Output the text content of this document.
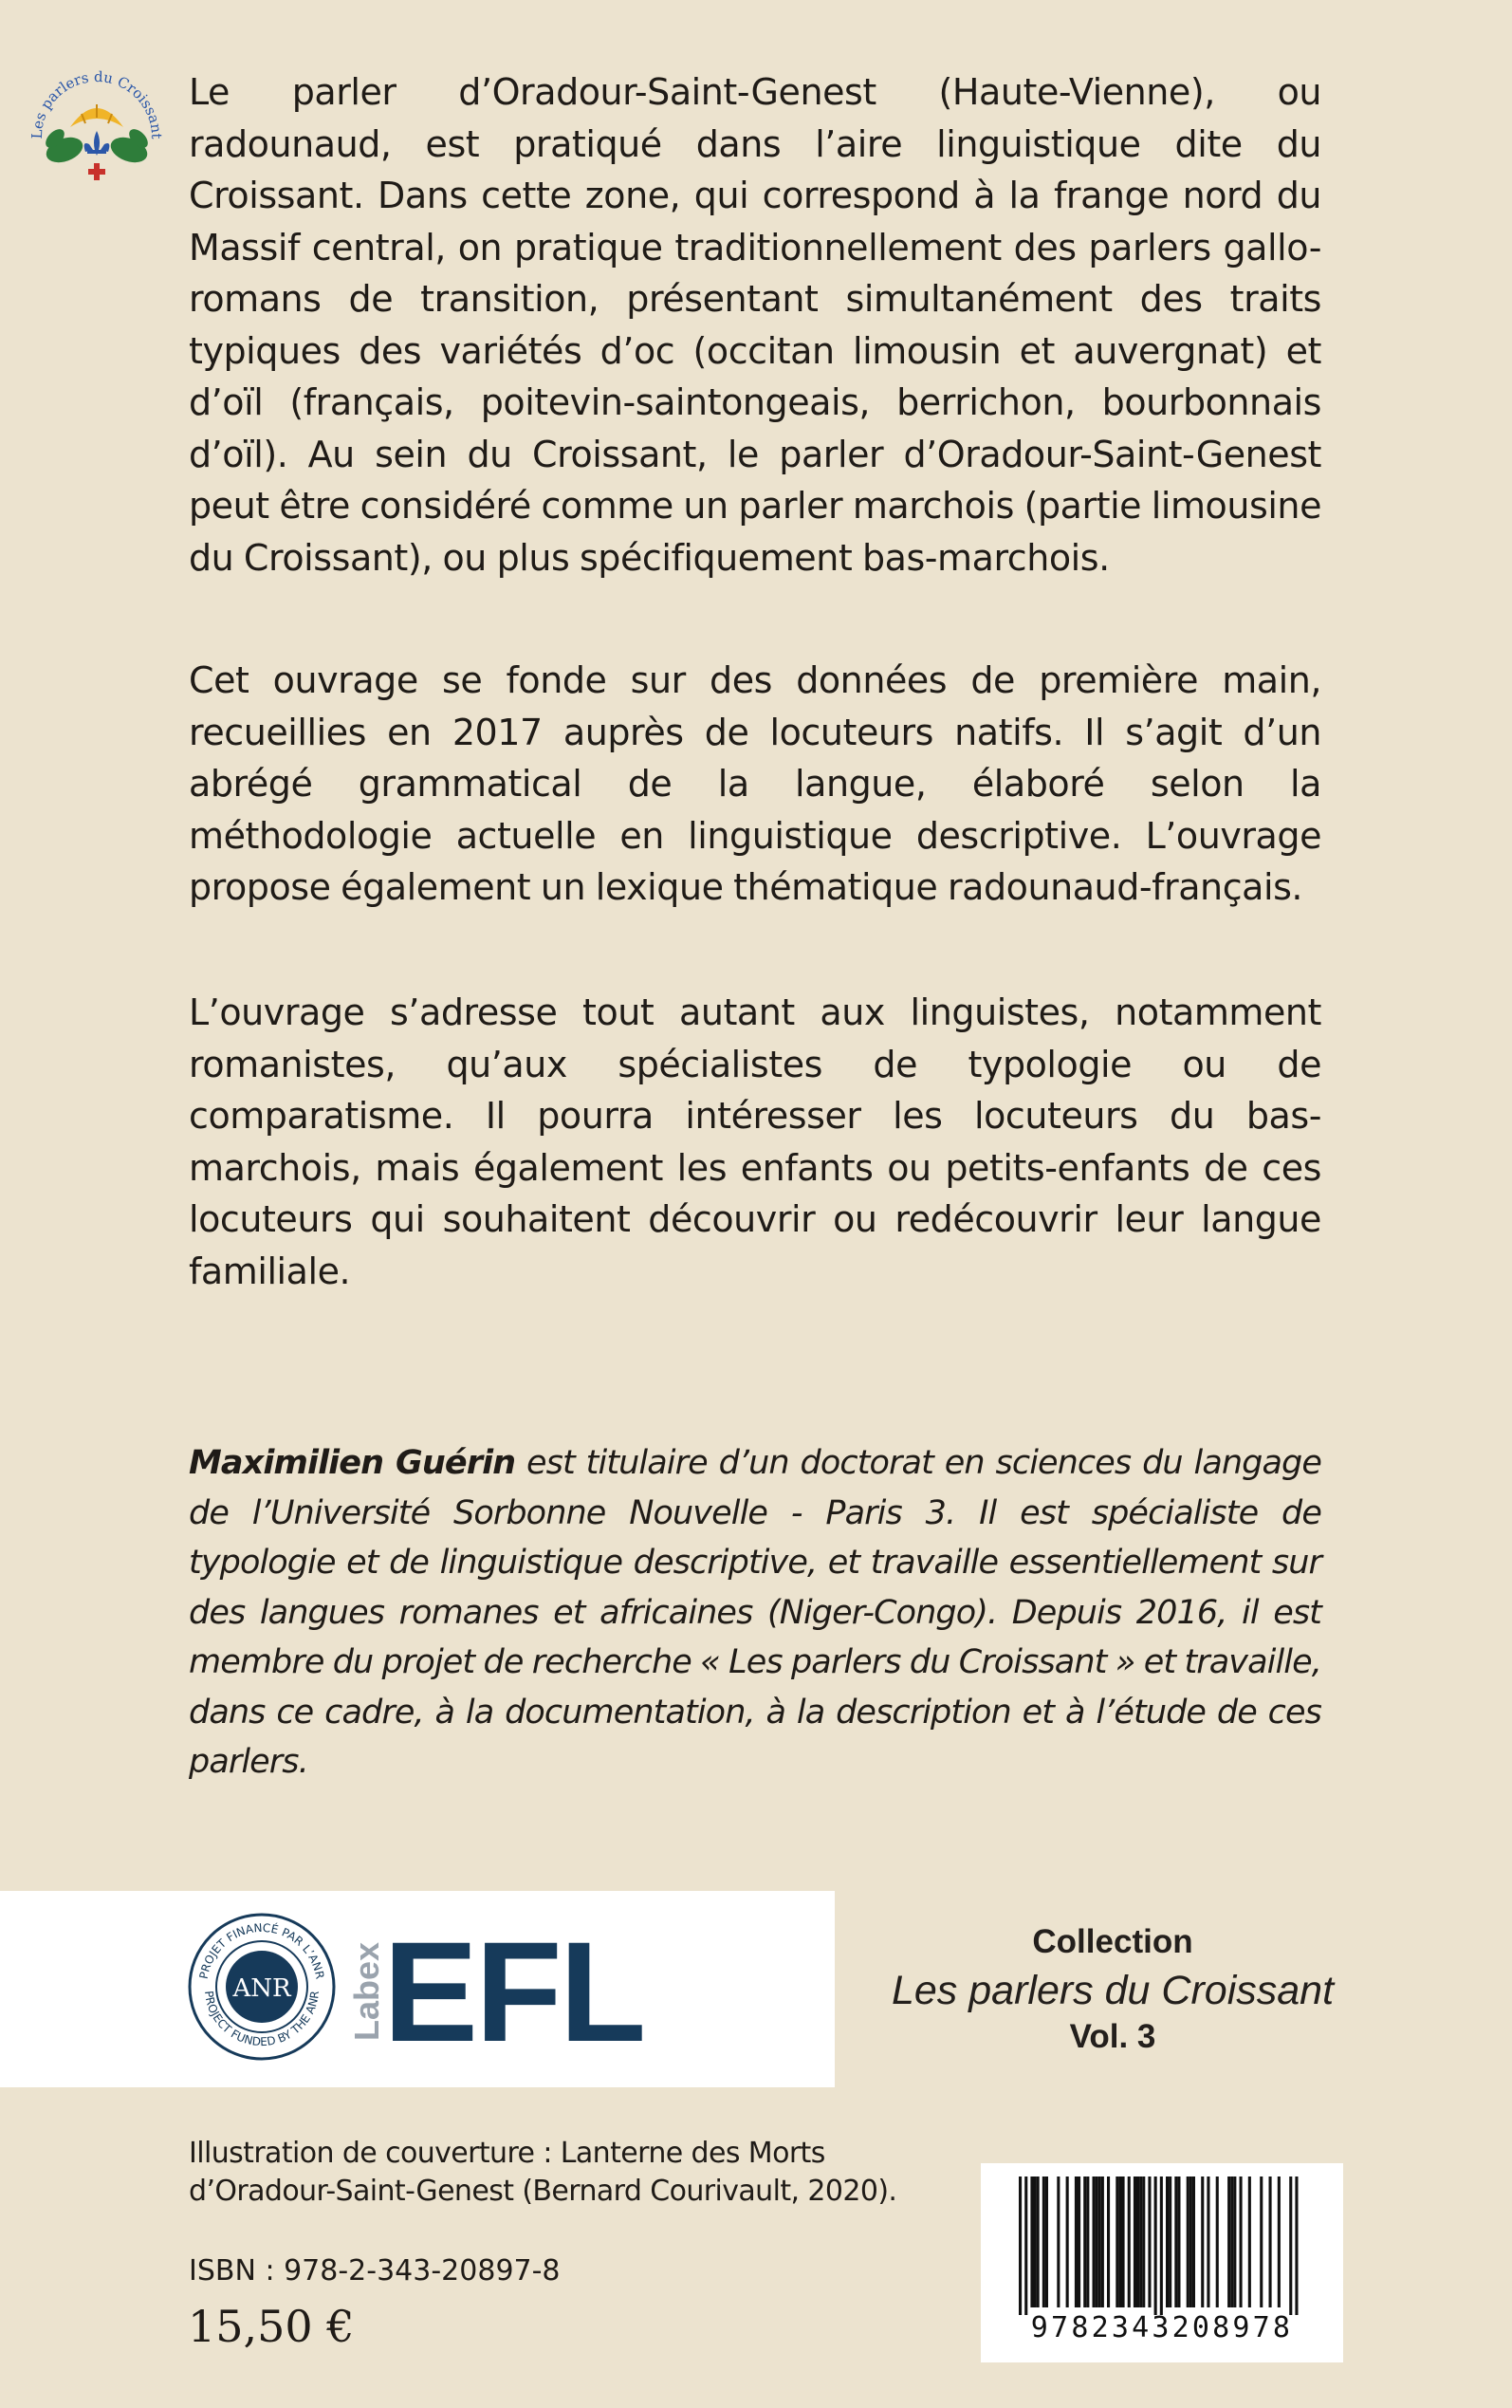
Les parlers du Croissant

Le parler d’Oradour-Saint-Genest (Haute-Vienne), ou radounaud, est pratiqué dans l’aire linguistique dite du Croissant. Dans cette zone, qui correspond à la frange nord du Massif central, on pratique traditionnellement des parlers gallo-romans de transition, présentant simultanément des traits typiques des variétés d’oc (occitan limousin et auvergnat) et d’oïl (français, poitevin-saintongeais, berrichon, bourbonnais d’oïl). Au sein du Croissant, le parler d’Oradour-Saint-Genest peut être considéré comme un parler marchois (partie limousine du Croissant), ou plus spécifiquement bas-marchois.

Cet ouvrage se fonde sur des données de première main, recueillies en 2017 auprès de locuteurs natifs. Il s’agit d’un abrégé grammatical de la langue, élaboré selon la méthodologie actuelle en linguistique descriptive. L’ouvrage propose également un lexique thématique radounaud-français.

L’ouvrage s’adresse tout autant aux linguistes, notamment romanistes, qu’aux spécialistes de typologie ou de comparatisme. Il pourra intéresser les locuteurs du bas-marchois, mais également les enfants ou petits-enfants de ces locuteurs qui souhaitent découvrir ou redécouvrir leur langue familiale.

Maximilien Guérin est titulaire d’un doctorat en sciences du langage de l’Université Sorbonne Nouvelle - Paris 3. Il est spécialiste de typologie et de linguistique descriptive, et travaille essentiellement sur des langues romanes et africaines (Niger-Congo). Depuis 2016, il est membre du projet de recherche « Les parlers du Croissant » et travaille, dans ce cadre, à la documentation, à la description et à l’étude de ces parlers.

PROJET FINANCÉ PAR L’ANR
PROJECT FUNDED BY THE ANR
ANR Labex
EFL	Collection
Les parlers du Croissant
Vol. 3
Illustration de couverture : Lanterne des Morts
d’Oradour-Saint-Genest (Bernard Courivault, 2020).
ISBN : 978-2-343-20897-8
15,50 €	9782343208978
